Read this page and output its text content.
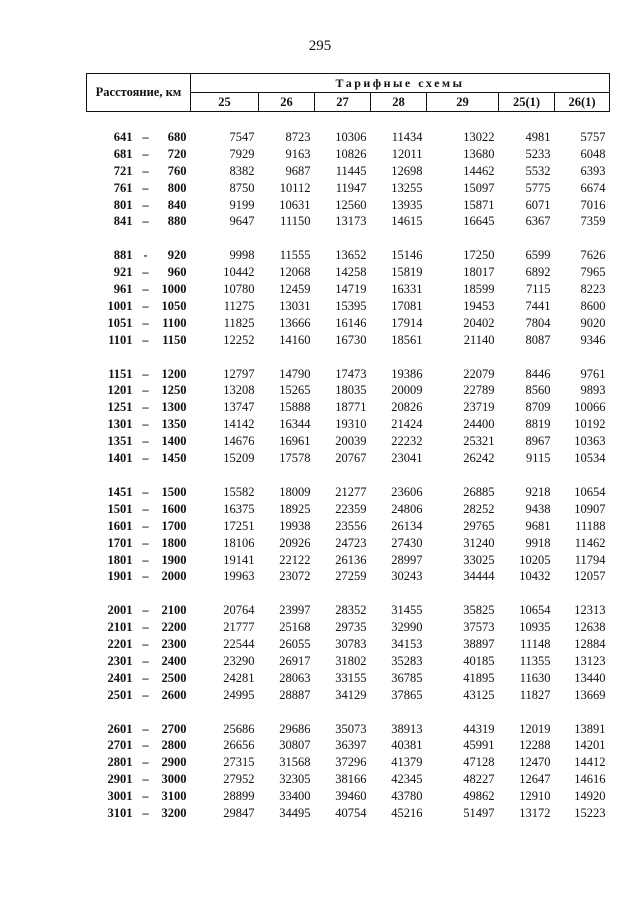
295
Расстояние, км	Тарифные схемы						
	25	26	27	28	29	25(1)	26(1)

641 – 680	7547	8723	10306	11434	13022	4981	5757
681 – 720	7929	9163	10826	12011	13680	5233	6048
721 – 760	8382	9687	11445	12698	14462	5532	6393
761 – 800	8750	10112	11947	13255	15097	5775	6674
801 – 840	9199	10631	12560	13935	15871	6071	7016
841 – 880	9647	11150	13173	14615	16645	6367	7359

881 - 920	9998	11555	13652	15146	17250	6599	7626
921 – 960	10442	12068	14258	15819	18017	6892	7965
961 – 1000	10780	12459	14719	16331	18599	7115	8223
1001 – 1050	11275	13031	15395	17081	19453	7441	8600
1051 – 1100	11825	13666	16146	17914	20402	7804	9020
1101 – 1150	12252	14160	16730	18561	21140	8087	9346

1151 – 1200	12797	14790	17473	19386	22079	8446	9761
1201 – 1250	13208	15265	18035	20009	22789	8560	9893
1251 – 1300	13747	15888	18771	20826	23719	8709	10066
1301 – 1350	14142	16344	19310	21424	24400	8819	10192
1351 – 1400	14676	16961	20039	22232	25321	8967	10363
1401 – 1450	15209	17578	20767	23041	26242	9115	10534

1451 – 1500	15582	18009	21277	23606	26885	9218	10654
1501 – 1600	16375	18925	22359	24806	28252	9438	10907
1601 – 1700	17251	19938	23556	26134	29765	9681	11188
1701 – 1800	18106	20926	24723	27430	31240	9918	11462
1801 – 1900	19141	22122	26136	28997	33025	10205	11794
1901 – 2000	19963	23072	27259	30243	34444	10432	12057

2001 – 2100	20764	23997	28352	31455	35825	10654	12313
2101 – 2200	21777	25168	29735	32990	37573	10935	12638
2201 – 2300	22544	26055	30783	34153	38897	11148	12884
2301 – 2400	23290	26917	31802	35283	40185	11355	13123
2401 – 2500	24281	28063	33155	36785	41895	11630	13440
2501 – 2600	24995	28887	34129	37865	43125	11827	13669

2601 – 2700	25686	29686	35073	38913	44319	12019	13891
2701 – 2800	26656	30807	36397	40381	45991	12288	14201
2801 – 2900	27315	31568	37296	41379	47128	12470	14412
2901 – 3000	27952	32305	38166	42345	48227	12647	14616
3001 – 3100	28899	33400	39460	43780	49862	12910	14920
3101 – 3200	29847	34495	40754	45216	51497	13172	15223
